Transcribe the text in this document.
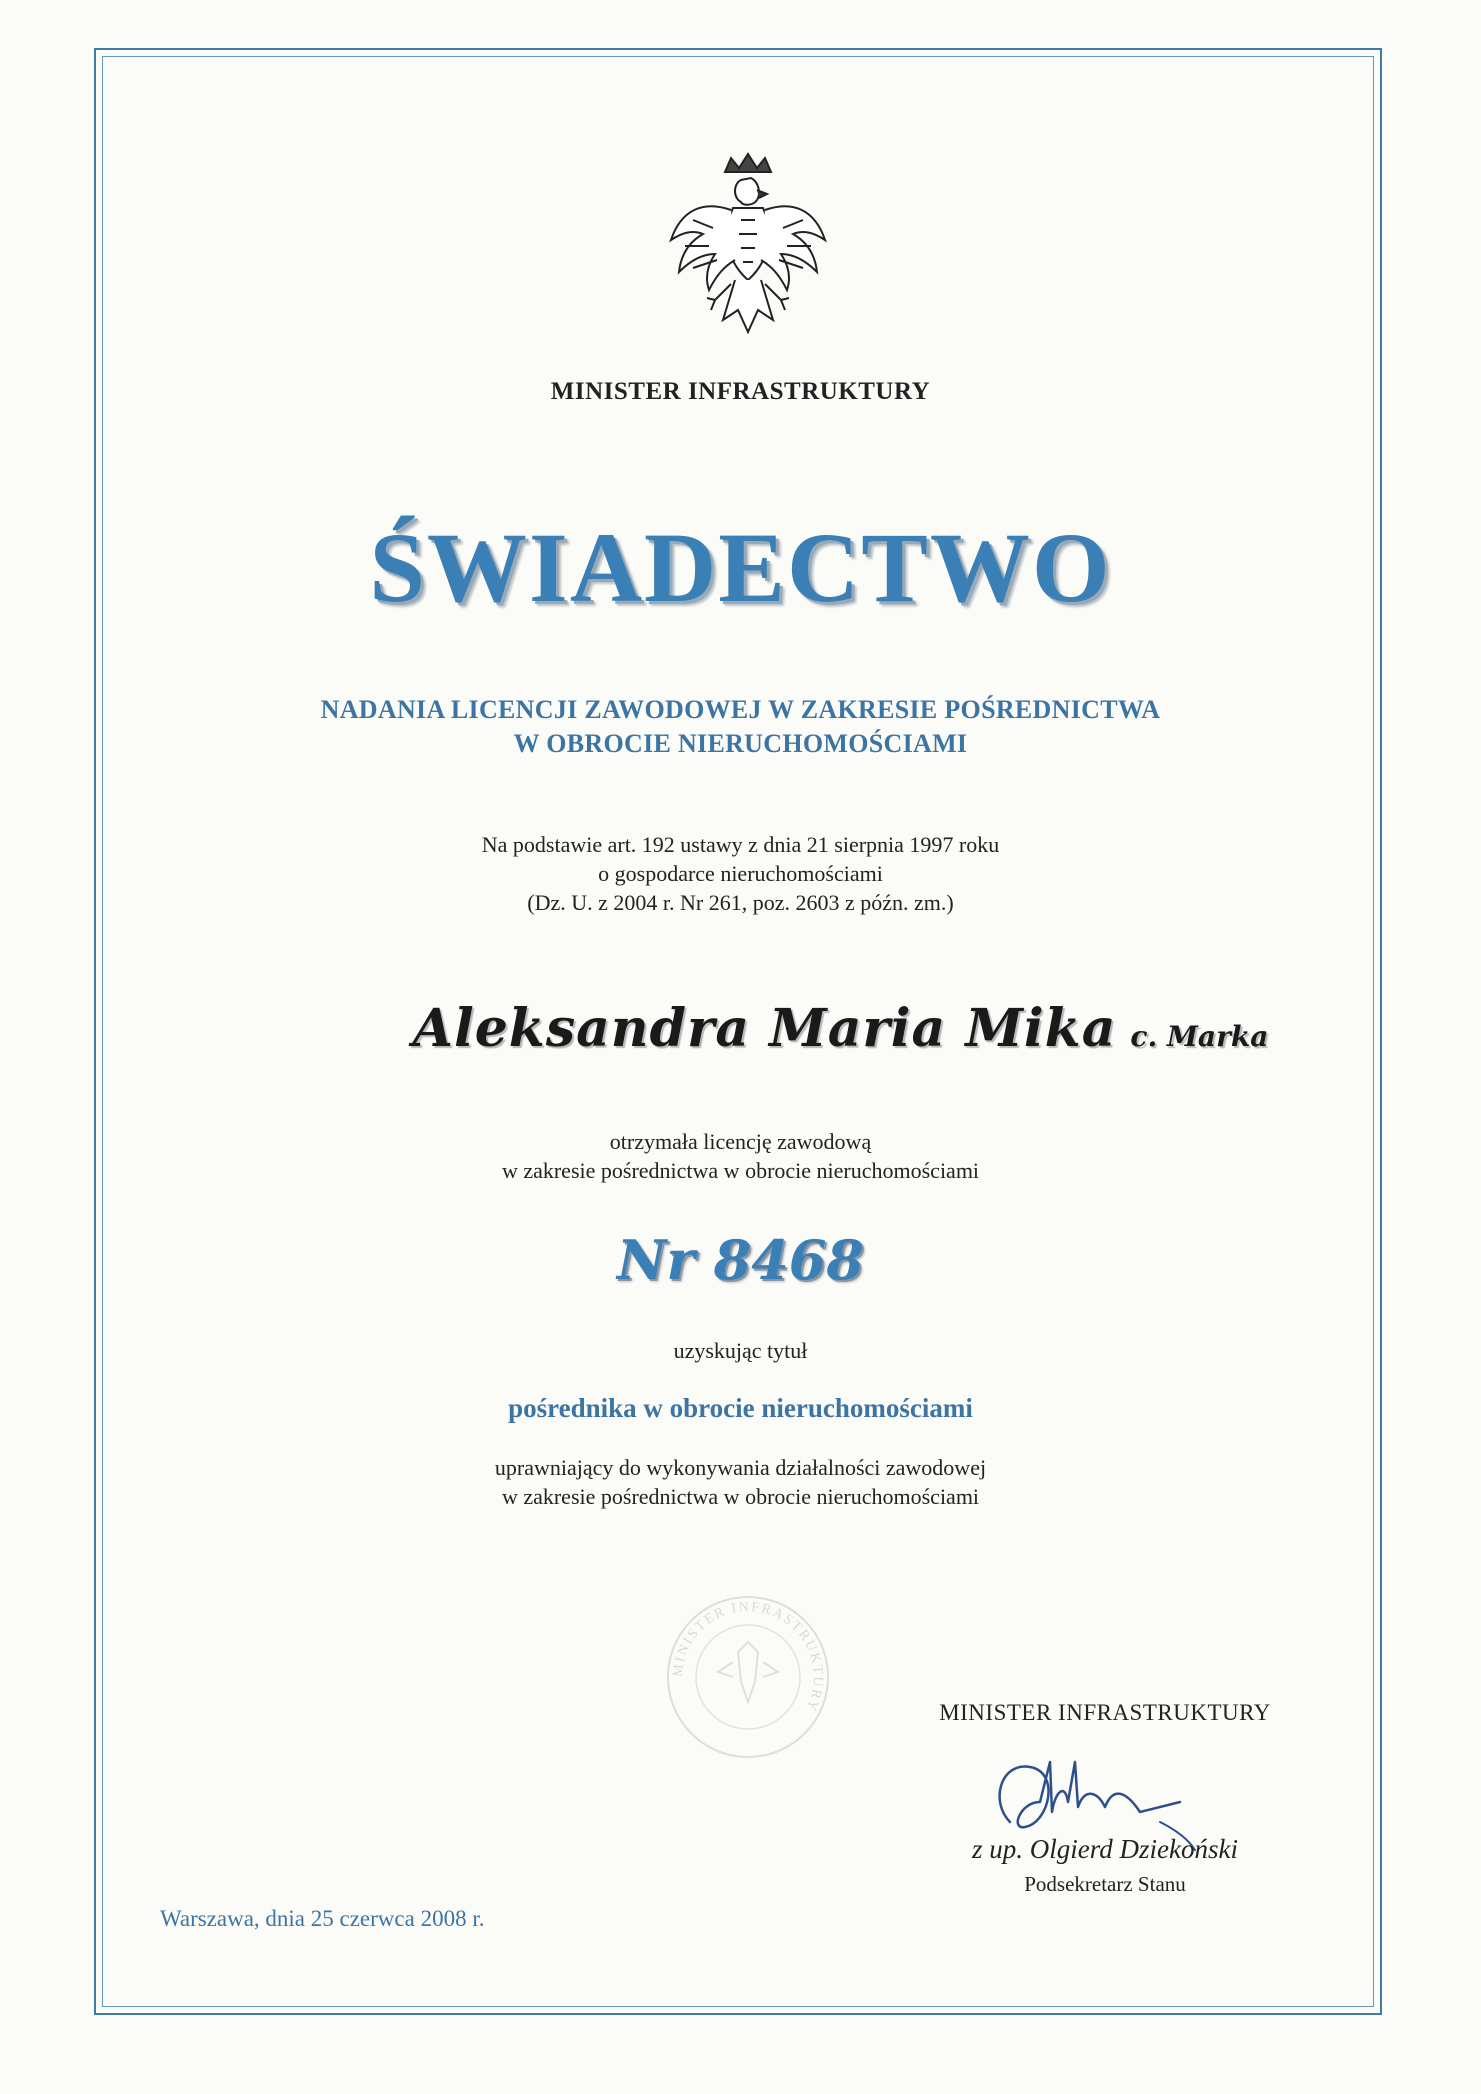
MINISTER INFRASTRUKTURY
ŚWIADECTWO
NADANIA LICENCJI ZAWODOWEJ W ZAKRESIE POŚREDNICTWA
W OBROCIE NIERUCHOMOŚCIAMI
Na podstawie art. 192 ustawy z dnia 21 sierpnia 1997 roku
o gospodarce nieruchomościami
(Dz. U. z 2004 r. Nr 261, poz. 2603 z późn. zm.)
Aleksandra Maria Mika c. Marka
otrzymała licencję zawodową
w zakresie pośrednictwa w obrocie nieruchomościami
Nr 8468
uzyskując tytuł
pośrednika w obrocie nieruchomościami
uprawniający do wykonywania działalności zawodowej
w zakresie pośrednictwa w obrocie nieruchomościami
MINISTER INFRASTRUKTURY	MINISTER INFRASTRUKTURY
z up. Olgierd Dziekoński
Podsekretarz Stanu
Warszawa, dnia 25 czerwca 2008 r.
